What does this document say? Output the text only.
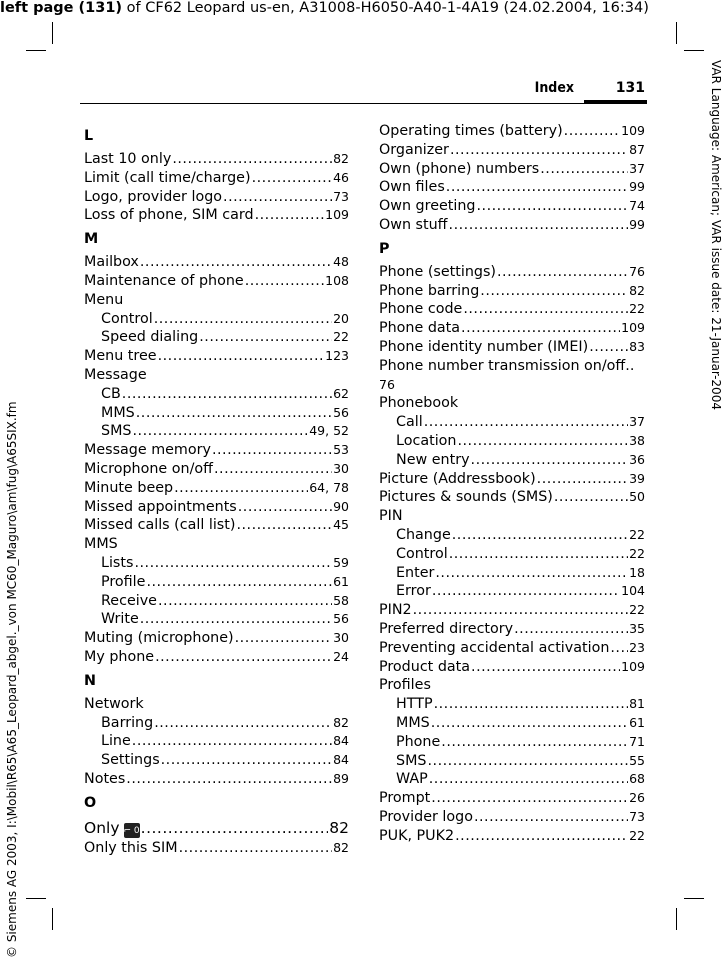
left page (131) of CF62 Leopard us-en, A31008-H6050-A40-1-4A19 (24.02.2004, 16:34)
VAR Language: American; VAR issue date: 21-Januar-2004
© Siemens AG 2003, I:\Mobil\R65\A65_Leopard_abgel._von MC60_Maguro\am\fug\A65SIX.fm
Index	131
L
Last 10 only .....	82
Limit (call time/charge) .....	46
Logo, provider logo .....	73
Loss of phone, SIM card .....	109
M
Mailbox .....	48
Maintenance of phone .....	108
Menu
Control .....	20
Speed dialing .....	22
Menu tree .....	123
Message
CB .....	62
MMS .....	56
SMS .....	49, 52
Message memory .....	53
Microphone on/off .....	30
Minute beep .....	64, 78
Missed appointments .....	90
Missed calls (call list) .....	45
MMS
Lists .....	59
Profile .....	61
Receive .....	58
Write .....	56
Muting (microphone) .....	30
My phone .....	24
N
Network
Barring .....	82
Line .....	84
Settings .....	84
Notes .....	89
O
Only ⌐ 0 .....	82
Only this SIM .....	82
Operating times (battery) .....	109
Organizer .....	87
Own (phone) numbers .....	37
Own files .....	99
Own greeting .....	74
Own stuff .....	99
P
Phone (settings) .....	76
Phone barring .....	82
Phone code .....	22
Phone data .....	109
Phone identity number (IMEI) .....	83
Phone number transmission on/off..
76
Phonebook
Call .....	37
Location .....	38
New entry .....	36
Picture (Addressbook) .....	39
Pictures & sounds (SMS) .....	50
PIN
Change .....	22
Control .....	22
Enter .....	18
Error .....	104
PIN2 .....	22
Preferred directory .....	35
Preventing accidental activation ..... 23
Product data .....	109
Profiles
HTTP .....	81
MMS .....	61
Phone .....	71
SMS .....	55
WAP .....	68
Prompt .....	26
Provider logo .....	73
PUK, PUK2 .....	22
